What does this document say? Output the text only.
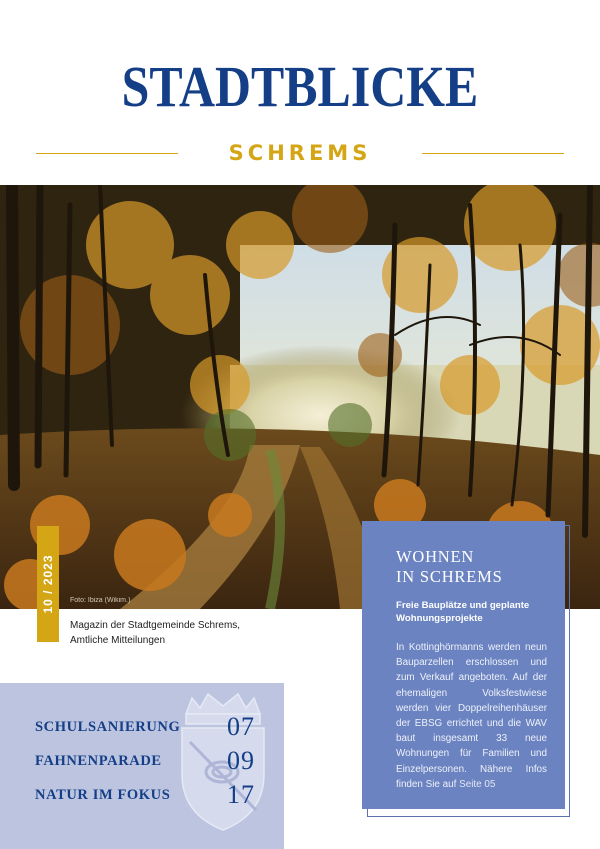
STADTBLICKE
SCHREMS
Foto: Ibiza (Wikim.)
10 / 2023
Magazin der Stadtgemeinde Schrems,
Amtliche Mitteilungen
WOHNEN
IN SCHREMS
Freie Bauplätze und geplante Wohnungsprojekte
In Kottinghörmanns werden neun Bauparzellen erschlossen und zum Verkauf angeboten. Auf der ehemaligen Volksfestwiese werden vier Doppelreihenhäuser der EBSG errichtet und die WAV baut insgesamt 33 neue Wohnungen für Familien und Einzelpersonen. Nähere Infos finden Sie auf Seite 05
SCHULSANIERUNG 07
FAHNENPARADE	09
NATUR IM FOKUS 17
